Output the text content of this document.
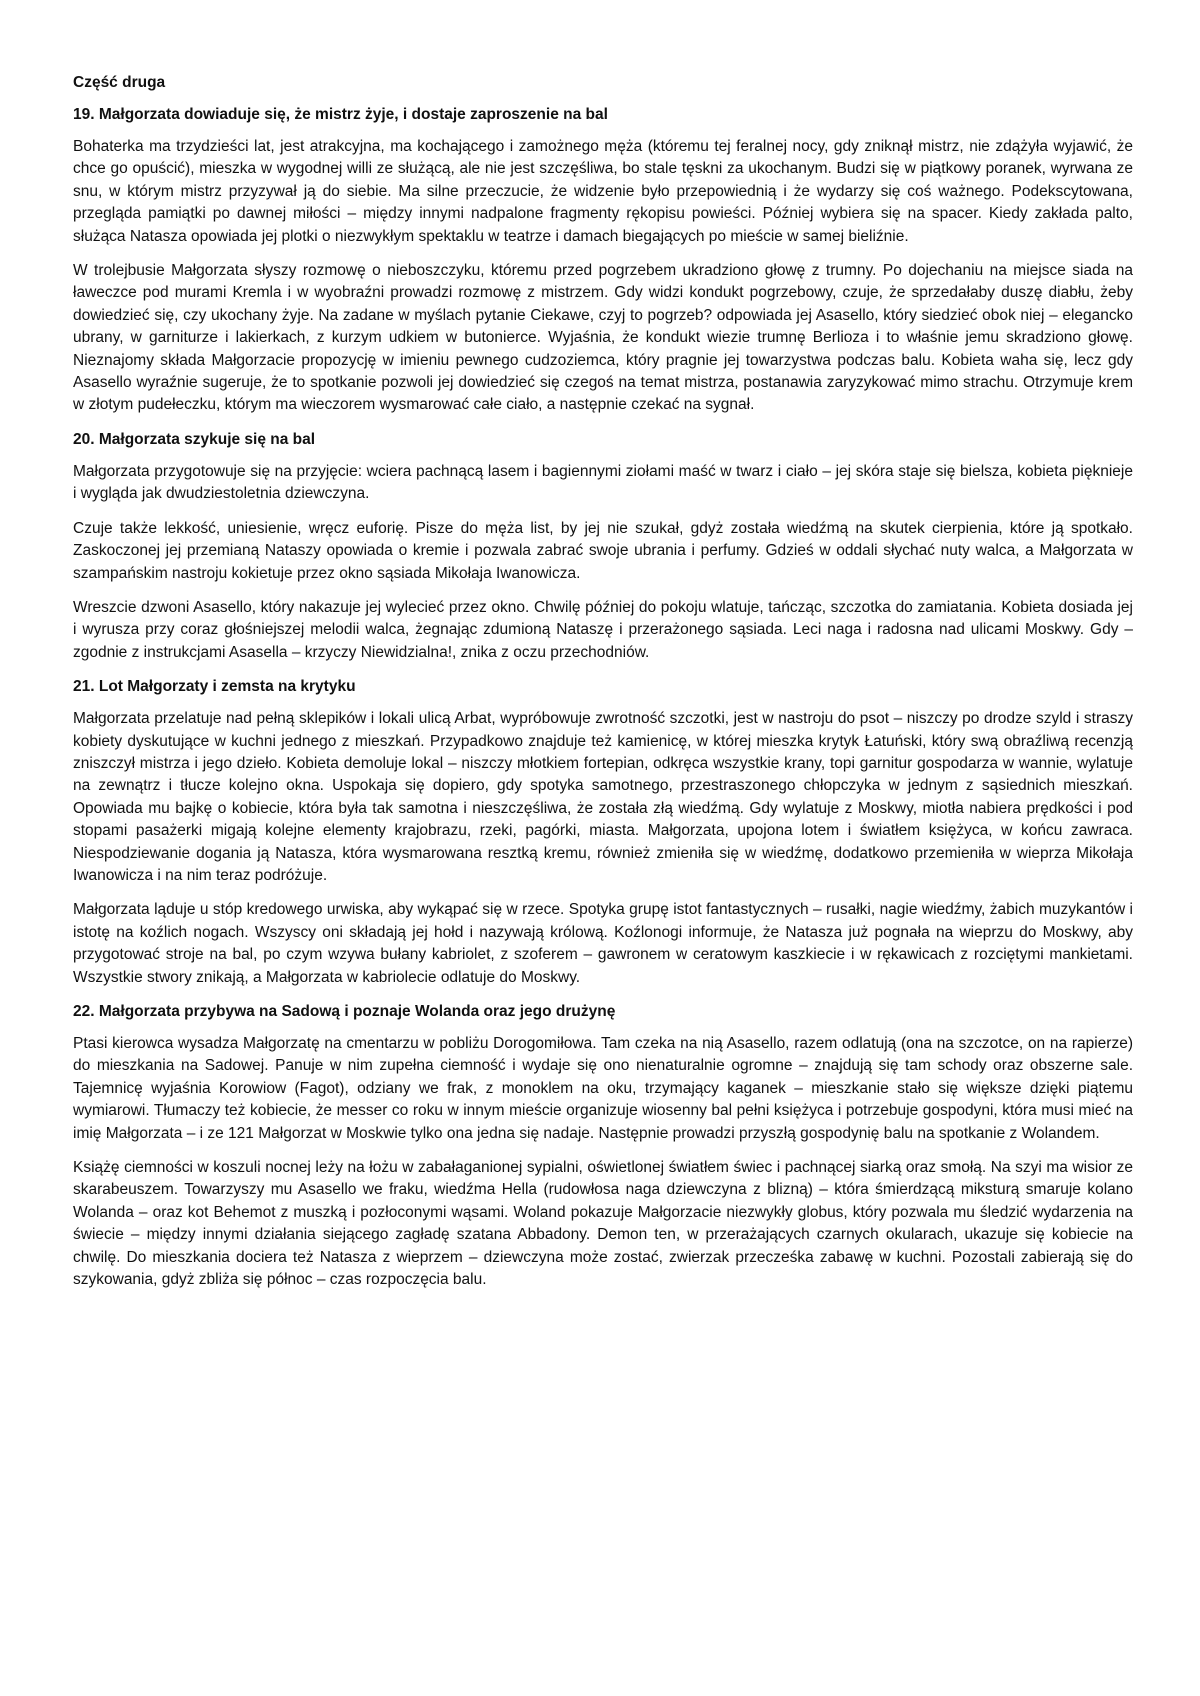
Część druga
19. Małgorzata dowiaduje się, że mistrz żyje, i dostaje zaproszenie na bal

Bohaterka ma trzydzieści lat, jest atrakcyjna, ma kochającego i zamożnego męża (któremu tej feralnej nocy, gdy zniknął mistrz, nie zdążyła wyjawić, że chce go opuścić), mieszka w wygodnej willi ze służącą, ale nie jest szczęśliwa, bo stale tęskni za ukochanym. Budzi się w piątkowy poranek, wyrwana ze snu, w którym mistrz przyzywał ją do siebie. Ma silne przeczucie, że widzenie było przepowiednią i że wydarzy się coś ważnego. Podekscytowana, przegląda pamiątki po dawnej miłości – między innymi nadpalone fragmenty rękopisu powieści. Później wybiera się na spacer. Kiedy zakłada palto, służąca Natasza opowiada jej plotki o niezwykłym spektaklu w teatrze i damach biegających po mieście w samej bieliźnie.

W trolejbusie Małgorzata słyszy rozmowę o nieboszczyku, któremu przed pogrzebem ukradziono głowę z trumny. Po dojechaniu na miejsce siada na ławeczce pod murami Kremla i w wyobraźni prowadzi rozmowę z mistrzem. Gdy widzi kondukt pogrzebowy, czuje, że sprzedałaby duszę diabłu, żeby dowiedzieć się, czy ukochany żyje. Na zadane w myślach pytanie Ciekawe, czyj to pogrzeb? odpowiada jej Asasello, który siedzieć obok niej – elegancko ubrany, w garniturze i lakierkach, z kurzym udkiem w butonierce. Wyjaśnia, że kondukt wiezie trumnę Berlioza i to właśnie jemu skradziono głowę. Nieznajomy składa Małgorzacie propozycję w imieniu pewnego cudzoziemca, który pragnie jej towarzystwa podczas balu. Kobieta waha się, lecz gdy Asasello wyraźnie sugeruje, że to spotkanie pozwoli jej dowiedzieć się czegoś na temat mistrza, postanawia zaryzykować mimo strachu. Otrzymuje krem w złotym pudełeczku, którym ma wieczorem wysmarować całe ciało, a następnie czekać na sygnał.

20. Małgorzata szykuje się na bal

Małgorzata przygotowuje się na przyjęcie: wciera pachnącą lasem i bagiennymi ziołami maść w twarz i ciało – jej skóra staje się bielsza, kobieta pięknieje i wygląda jak dwudziestoletnia dziewczyna.

Czuje także lekkość, uniesienie, wręcz euforię. Pisze do męża list, by jej nie szukał, gdyż została wiedźmą na skutek cierpienia, które ją spotkało. Zaskoczonej jej przemianą Nataszy opowiada o kremie i pozwala zabrać swoje ubrania i perfumy. Gdzieś w oddali słychać nuty walca, a Małgorzata w szampańskim nastroju kokietuje przez okno sąsiada Mikołaja Iwanowicza.

Wreszcie dzwoni Asasello, który nakazuje jej wylecieć przez okno. Chwilę później do pokoju wlatuje, tańcząc, szczotka do zamiatania. Kobieta dosiada jej i wyrusza przy coraz głośniejszej melodii walca, żegnając zdumioną Nataszę i przerażonego sąsiada. Leci naga i radosna nad ulicami Moskwy. Gdy – zgodnie z instrukcjami Asasella – krzyczy Niewidzialna!, znika z oczu przechodniów.

21. Lot Małgorzaty i zemsta na krytyku

Małgorzata przelatuje nad pełną sklepików i lokali ulicą Arbat, wypróbowuje zwrotność szczotki, jest w nastroju do psot – niszczy po drodze szyld i straszy kobiety dyskutujące w kuchni jednego z mieszkań. Przypadkowo znajduje też kamienicę, w której mieszka krytyk Łatuński, który swą obraźliwą recenzją zniszczył mistrza i jego dzieło. Kobieta demoluje lokal – niszczy młotkiem fortepian, odkręca wszystkie krany, topi garnitur gospodarza w wannie, wylatuje na zewnątrz i tłucze kolejno okna. Uspokaja się dopiero, gdy spotyka samotnego, przestraszonego chłopczyka w jednym z sąsiednich mieszkań. Opowiada mu bajkę o kobiecie, która była tak samotna i nieszczęśliwa, że została złą wiedźmą. Gdy wylatuje z Moskwy, miotła nabiera prędkości i pod stopami pasażerki migają kolejne elementy krajobrazu, rzeki, pagórki, miasta. Małgorzata, upojona lotem i światłem księżyca, w końcu zawraca. Niespodziewanie dogania ją Natasza, która wysmarowana resztką kremu, również zmieniła się w wiedźmę, dodatkowo przemieniła w wieprza Mikołaja Iwanowicza i na nim teraz podróżuje.

Małgorzata ląduje u stóp kredowego urwiska, aby wykąpać się w rzece. Spotyka grupę istot fantastycznych – rusałki, nagie wiedźmy, żabich muzykantów i istotę na koźlich nogach. Wszyscy oni składają jej hołd i nazywają królową. Koźlonogi informuje, że Natasza już pognała na wieprzu do Moskwy, aby przygotować stroje na bal, po czym wzywa bułany kabriolet, z szoferem – gawronem w ceratowym kaszkiecie i w rękawicach z rozciętymi mankietami. Wszystkie stwory znikają, a Małgorzata w kabriolecie odlatuje do Moskwy.

22. Małgorzata przybywa na Sadową i poznaje Wolanda oraz jego drużynę

Ptasi kierowca wysadza Małgorzatę na cmentarzu w pobliżu Dorogomiłowa. Tam czeka na nią Asasello, razem odlatują (ona na szczotce, on na rapierze) do mieszkania na Sadowej. Panuje w nim zupełna ciemność i wydaje się ono nienaturalnie ogromne – znajdują się tam schody oraz obszerne sale. Tajemnicę wyjaśnia Korowiow (Fagot), odziany we frak, z monoklem na oku, trzymający kaganek – mieszkanie stało się większe dzięki piątemu wymiarowi. Tłumaczy też kobiecie, że messer co roku w innym mieście organizuje wiosenny bal pełni księżyca i potrzebuje gospodyni, która musi mieć na imię Małgorzata – i ze 121 Małgorzat w Moskwie tylko ona jedna się nadaje. Następnie prowadzi przyszłą gospodynię balu na spotkanie z Wolandem.

Książę ciemności w koszuli nocnej leży na łożu w zabałaganionej sypialni, oświetlonej światłem świec i pachnącej siarką oraz smołą. Na szyi ma wisior ze skarabeuszem. Towarzyszy mu Asasello we fraku, wiedźma Hella (rudowłosa naga dziewczyna z blizną) – która śmierdzącą miksturą smaruje kolano Wolanda – oraz kot Behemot z muszką i pozłoconymi wąsami. Woland pokazuje Małgorzacie niezwykły globus, który pozwala mu śledzić wydarzenia na świecie – między innymi działania siejącego zagładę szatana Abbadony. Demon ten, w przerażających czarnych okularach, ukazuje się kobiecie na chwilę. Do mieszkania dociera też Natasza z wieprzem – dziewczyna może zostać, zwierzak przecześka zabawę w kuchni. Pozostali zabierają się do szykowania, gdyż zbliża się północ – czas rozpoczęcia balu.
